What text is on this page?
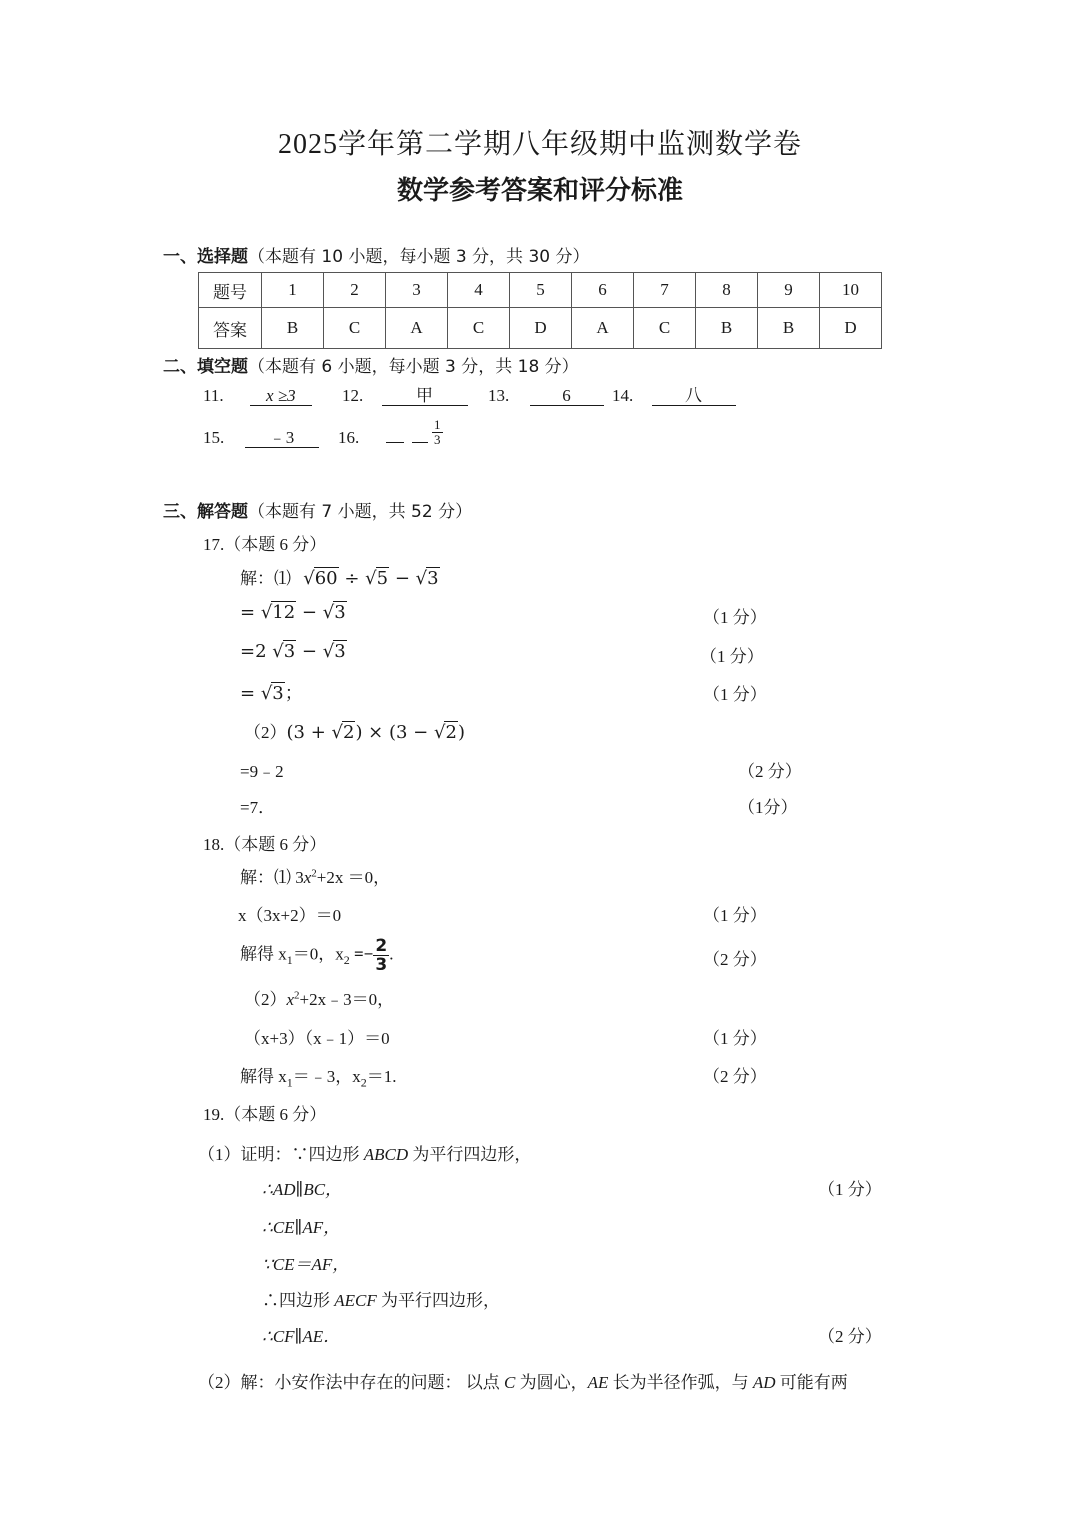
2025学年第二学期八年级期中监测数学卷
数学参考答案和评分标准
一、选择题（本题有 10 小题，每小题 3 分，共 30 分）
题号	1	2	3	4	5	6	7	8	9	10
答案	B	C	A	C	D	A	C	B	B	D
二、填空题（本题有 6 小题，每小题 3 分，共 18 分）
11. x ≥3	12.	甲	13.	6	14.	八
15.	﹣3	16.	$\frac{1}{3}$
三、解答题（本题有 7 小题，共 52 分）
17.（本题 6 分）
解：⑴ √60 ÷ √5 − √3
= √12 − √3	（1 分）
=2 √3 − √3	（1 分）
= √3；	（1 分）
（2）(3 + √2) × (3 − √2)
=9﹣2	（2 分）
=7．	（1分）
18.（本题 6 分）
解：⑴ $3x^2+2x =0$，
x（3x+2）＝0	（1 分）
解得 $x_1=0$，$x_2 =- \frac{2}{3}$ .	（2 分）
$(2)x^2+2x﹣3=0$，
（x+3）（x﹣1）＝0	（1 分）
解得 $x_1=﹣3$，$x_2=1$.	（2 分）
19.（本题 6 分）
（1）证明：∵四边形 ABCD 为平行四边形，
∴AD∥BC，	（1 分）
∴CE∥AF，
∵CE＝AF，
∴四边形 AECF 为平行四边形，
∴CF∥AE．	（2 分）
（2）解：小安作法中存在的问题： 以点 C 为圆心，AE 长为半径作弧，与 AD 可能有两
